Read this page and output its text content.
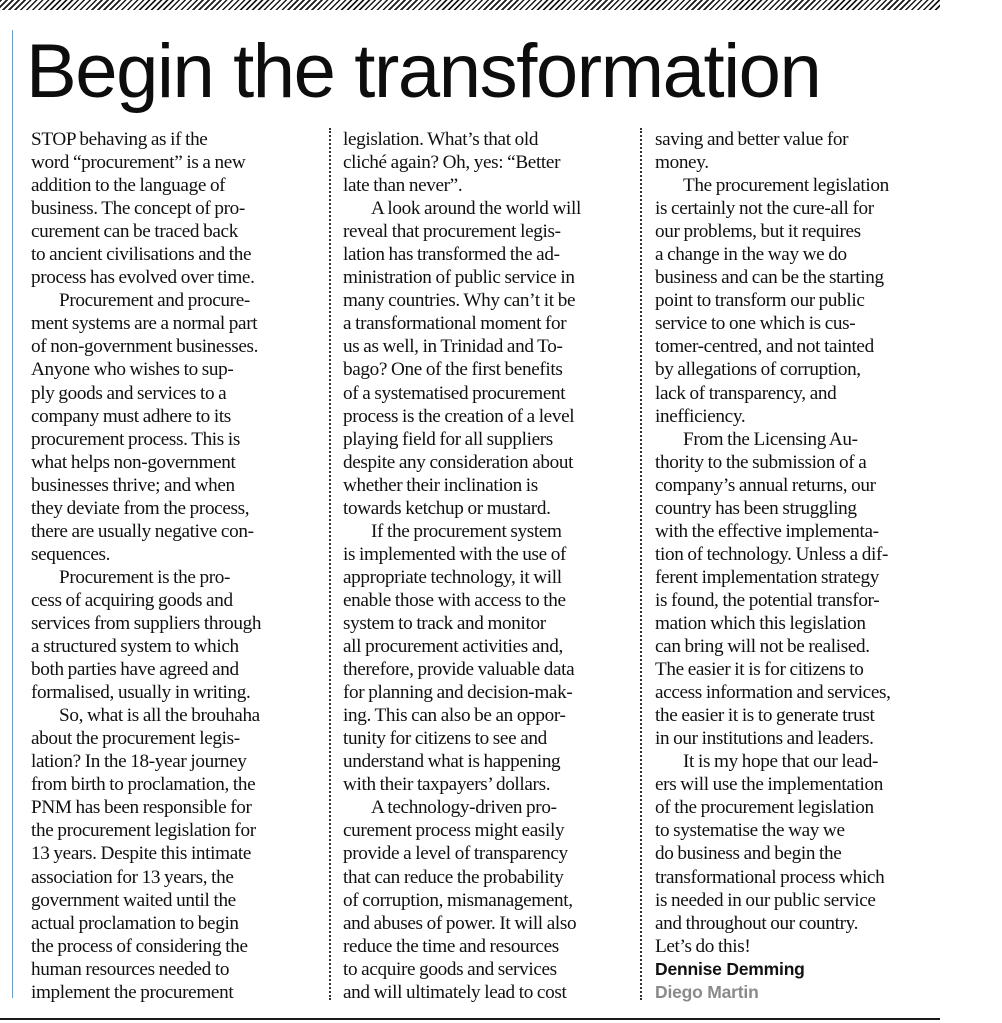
Begin the transformation

STOP behaving as if the
word “procurement” is a new
addition to the language of
business. The concept of pro-
curement can be traced back
to ancient civilisations and the
process has evolved over time.

Procurement and procure-
ment systems are a normal part
of non-government businesses.
Anyone who wishes to sup-
ply goods and services to a
company must adhere to its
procurement process. This is
what helps non-government
businesses thrive; and when
they deviate from the process,
there are usually negative con-
sequences.

Procurement is the pro-
cess of acquiring goods and
services from suppliers through
a structured system to which
both parties have agreed and
formalised, usually in writing.

So, what is all the brouhaha
about the procurement legis-
lation? In the 18-year journey
from birth to proclamation, the
PNM has been responsible for
the procurement legislation for
13 years. Despite this intimate
association for 13 years, the
government waited until the
actual proclamation to begin
the process of considering the
human resources needed to
implement the procurement

legislation. What’s that old
cliché again? Oh, yes: “Better
late than never”.

A look around the world will
reveal that procurement legis-
lation has transformed the ad-
ministration of public service in
many countries. Why can’t it be
a transformational moment for
us as well, in Trinidad and To-
bago? One of the first benefits
of a systematised procurement
process is the creation of a level
playing field for all suppliers
despite any consideration about
whether their inclination is
towards ketchup or mustard.

If the procurement system
is implemented with the use of
appropriate technology, it will
enable those with access to the
system to track and monitor
all procurement activities and,
therefore, provide valuable data
for planning and decision-mak-
ing. This can also be an oppor-
tunity for citizens to see and
understand what is happening
with their taxpayers’ dollars.

A technology-driven pro-
curement process might easily
provide a level of transparency
that can reduce the probability
of corruption, mismanagement,
and abuses of power. It will also
reduce the time and resources
to acquire goods and services
and will ultimately lead to cost

saving and better value for
money.

The procurement legislation
is certainly not the cure-all for
our problems, but it requires
a change in the way we do
business and can be the starting
point to transform our public
service to one which is cus-
tomer-centred, and not tainted
by allegations of corruption,
lack of transparency, and
inefficiency.

From the Licensing Au-
thority to the submission of a
company’s annual returns, our
country has been struggling
with the effective implementa-
tion of technology. Unless a dif-
ferent implementation strategy
is found, the potential transfor-
mation which this legislation
can bring will not be realised.
The easier it is for citizens to
access information and services,
the easier it is to generate trust
in our institutions and leaders.

It is my hope that our lead-
ers will use the implementation
of the procurement legislation
to systematise the way we
do business and begin the
transformational process which
is needed in our public service
and throughout our country.
Let’s do this!

Dennise Demming

Diego Martin
